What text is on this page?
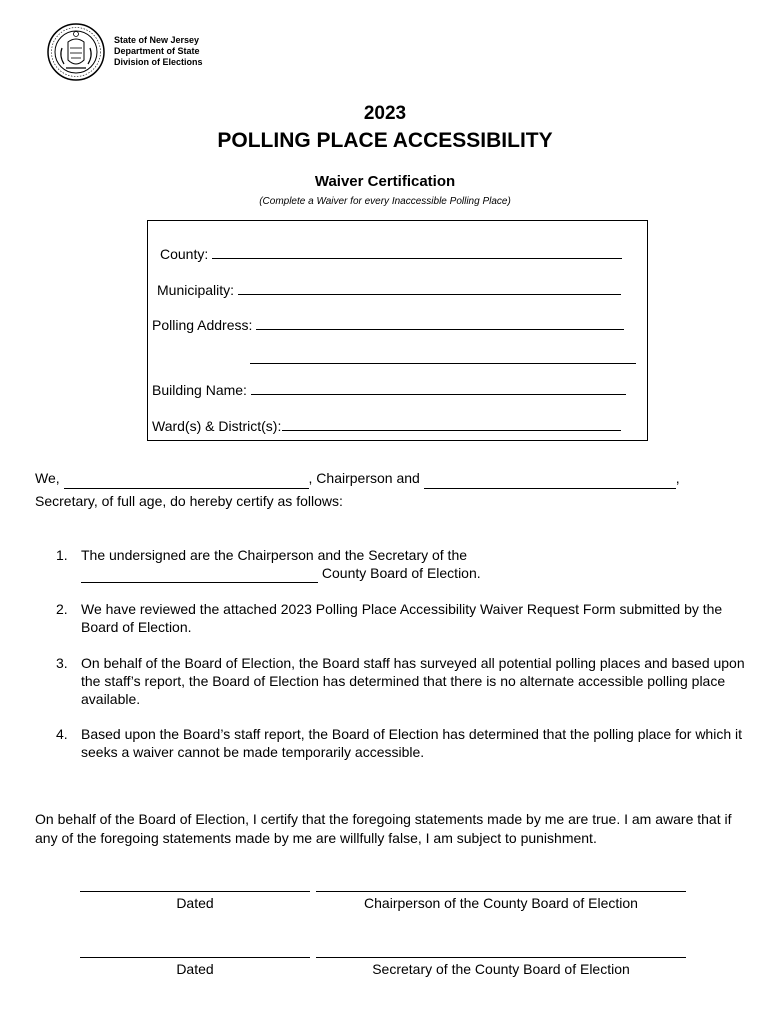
State of New Jersey
Department of State
Division of Elections
2023
POLLING PLACE ACCESSIBILITY
Waiver Certification
(Complete a Waiver for every Inaccessible Polling Place)
County:
Municipality:
Polling Address:
Building Name:
Ward(s) & District(s):
We,	, Chairperson and	,
Secretary, of full age, do hereby certify as follows:
1. The undersigned are the Chairperson and the Secretary of the
County Board of Election.
2. We have reviewed the attached 2023 Polling Place Accessibility Waiver Request Form submitted by the Board of Election.
3. On behalf of the Board of Election, the Board staff has surveyed all potential polling places and based upon the staff’s report, the Board of Election has determined that there is no alternate accessible polling place available.
4. Based upon the Board’s staff report, the Board of Election has determined that the polling place for which it seeks a waiver cannot be made temporarily accessible.
On behalf of the Board of Election, I certify that the foregoing statements made by me are true. I am aware that if any of the foregoing statements made by me are willfully false, I am subject to punishment.
Dated	Chairperson of the County Board of Election
Dated	Secretary of the County Board of Election
